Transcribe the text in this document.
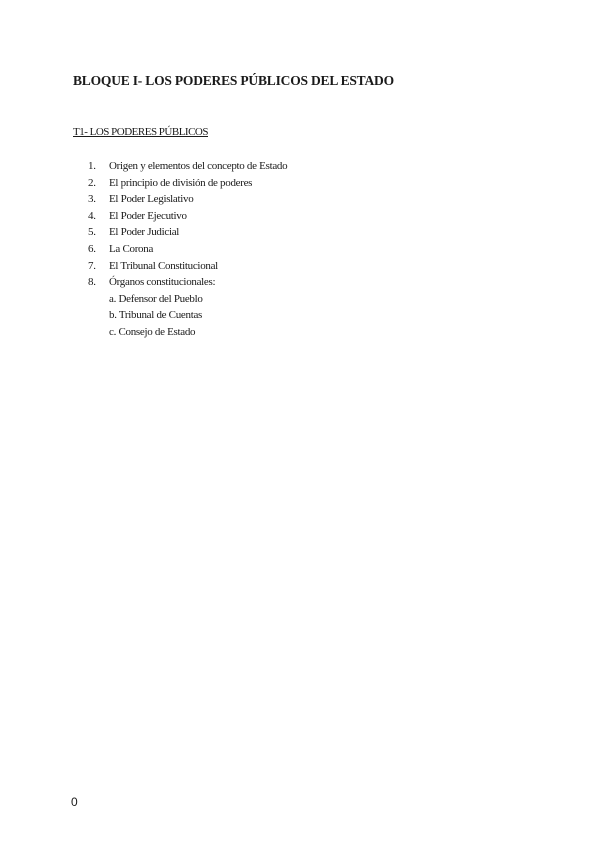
BLOQUE I- LOS PODERES PÚBLICOS DEL ESTADO
T1- LOS PODERES PÚBLICOS
1. Origen y elementos del concepto de Estado
2. El principio de división de poderes
3. El Poder Legislativo
4. El Poder Ejecutivo
5. El Poder Judicial
6. La Corona
7. El Tribunal Constitucional
8. Órganos constitucionales:
a. Defensor del Pueblo
b. Tribunal de Cuentas
c. Consejo de Estado
0
